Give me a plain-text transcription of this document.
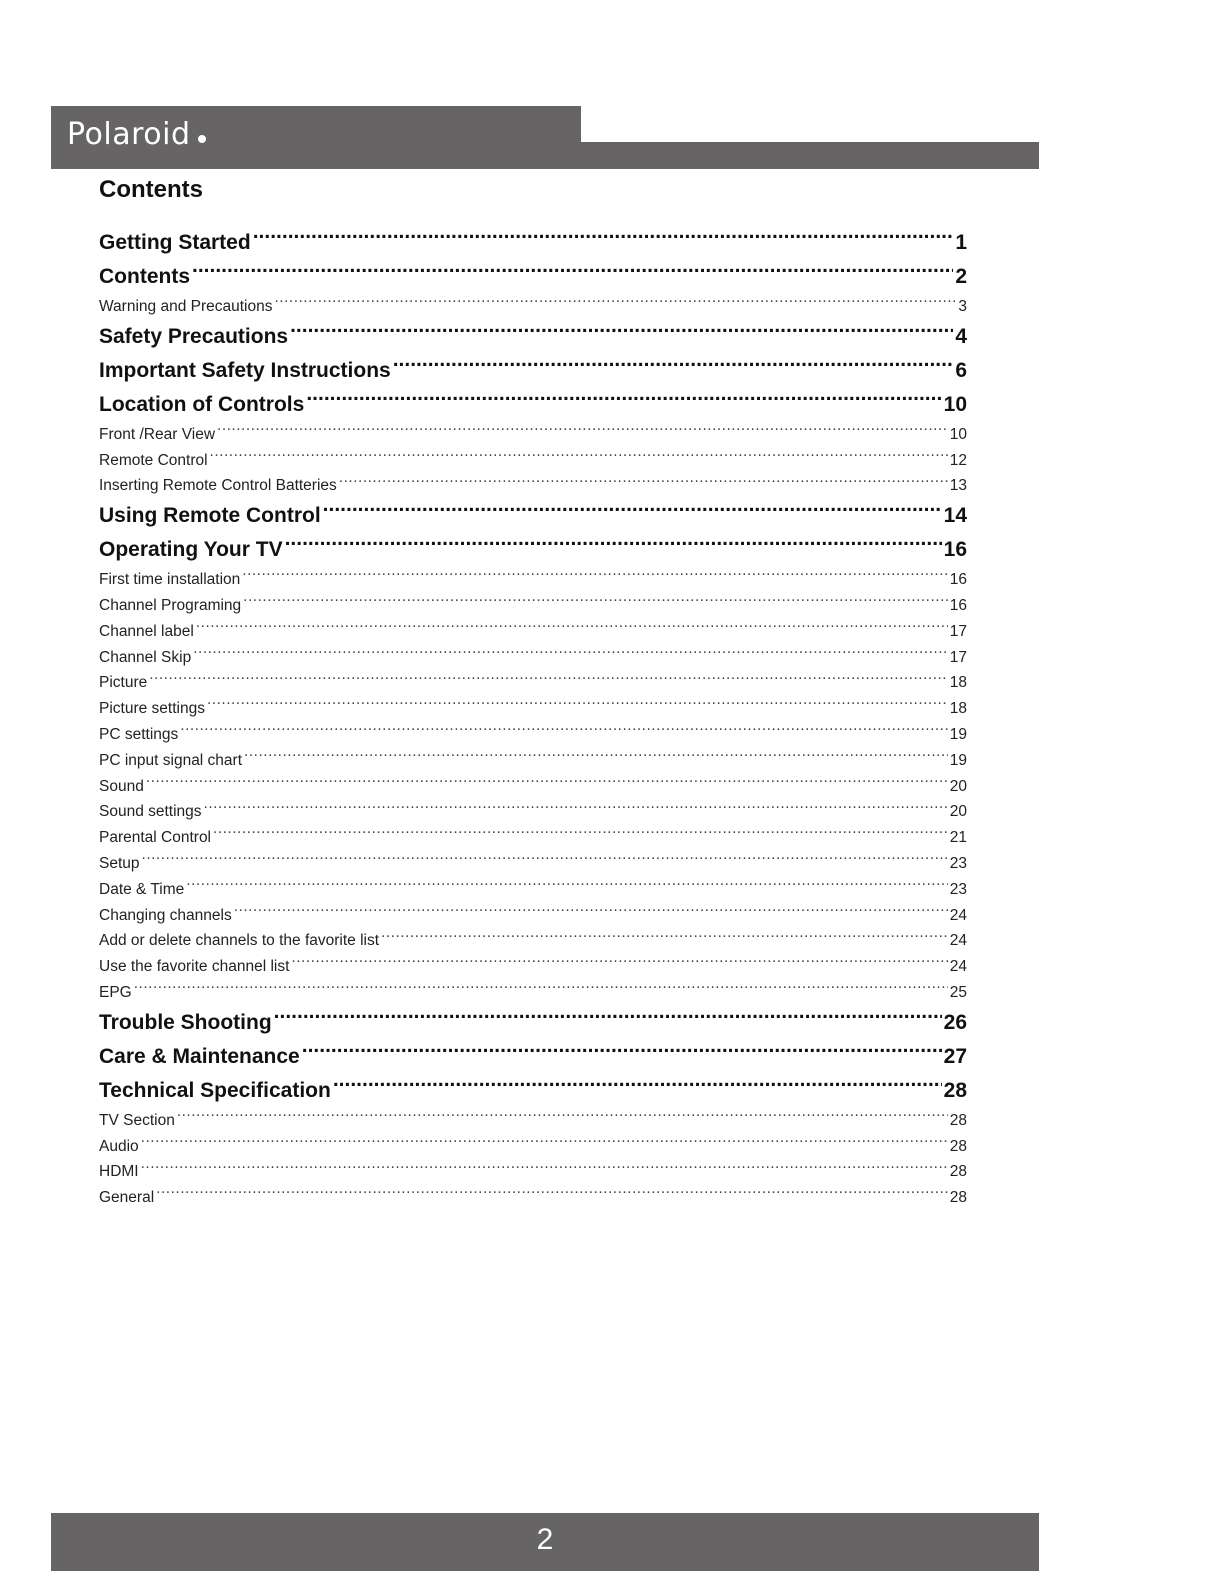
Polaroid
Contents
Getting Started .....	1
Contents .....	2
Warning and Precautions .....	3
Safety Precautions .....	4
Important Safety Instructions .....	6
Location of Controls .....	10
Front /Rear View .....	10
Remote Control .....	12
Inserting Remote Control Batteries .....	13
Using Remote Control .....	14
Operating Your TV .....	16
First time installation .....	16
Channel Programing .....	16
Channel label .....	17
Channel Skip .....	17
Picture .....	18
Picture settings .....	18
PC settings .....	19
PC input signal chart .....	19
Sound .....	20
Sound settings .....	20
Parental Control .....	21
Setup .....	23
Date & Time .....	23
Changing channels .....	24
Add or delete channels to the favorite list .....	24
Use the favorite channel list .....	24
EPG .....	25
Trouble Shooting .....	26
Care & Maintenance .....	27
Technical Specification .....	28
TV Section .....	28
Audio .....	28
HDMI .....	28
General .....	28
2
